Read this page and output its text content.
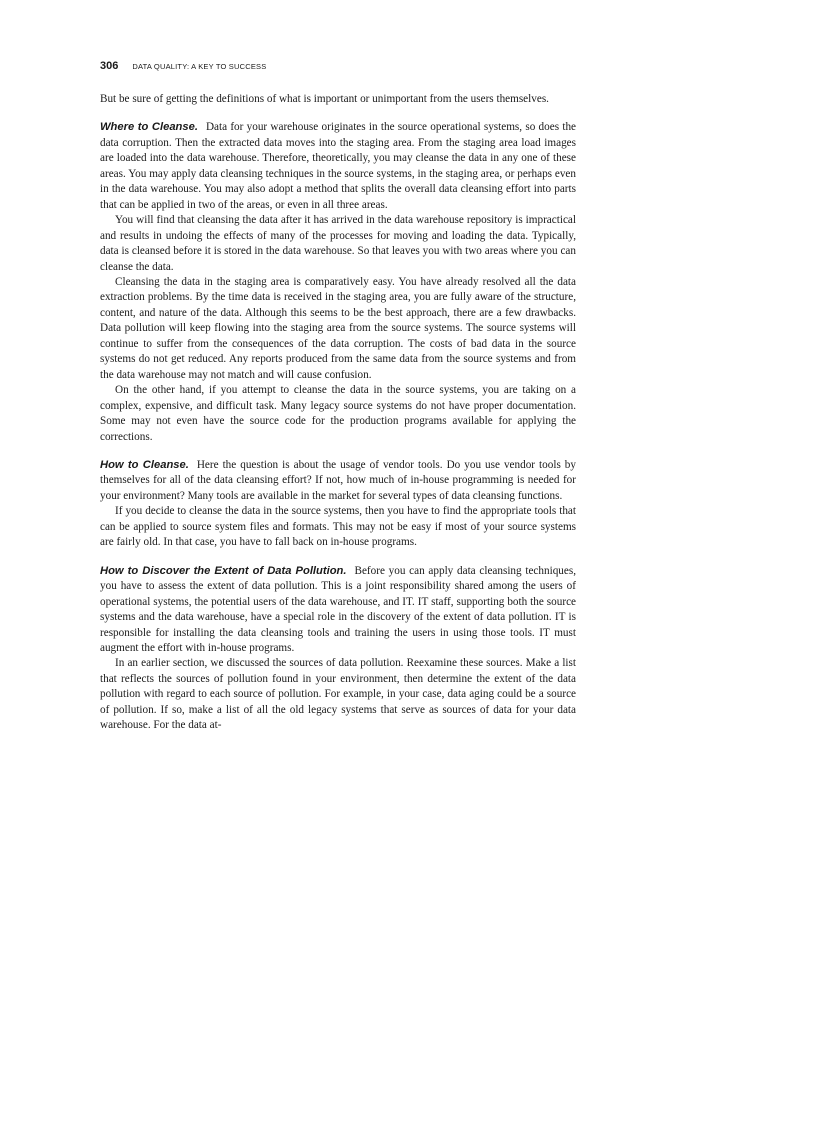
306 DATA QUALITY: A KEY TO SUCCESS

But be sure of getting the definitions of what is important or unimportant from the users themselves.

Where to Cleanse. Data for your warehouse originates in the source operational systems, so does the data corruption. Then the extracted data moves into the staging area. From the staging area load images are loaded into the data warehouse. Therefore, theoretically, you may cleanse the data in any one of these areas. You may apply data cleansing techniques in the source systems, in the staging area, or perhaps even in the data warehouse. You may also adopt a method that splits the overall data cleansing effort into parts that can be applied in two of the areas, or even in all three areas.

You will find that cleansing the data after it has arrived in the data warehouse repository is impractical and results in undoing the effects of many of the processes for moving and loading the data. Typically, data is cleansed before it is stored in the data warehouse. So that leaves you with two areas where you can cleanse the data.

Cleansing the data in the staging area is comparatively easy. You have already resolved all the data extraction problems. By the time data is received in the staging area, you are fully aware of the structure, content, and nature of the data. Although this seems to be the best approach, there are a few drawbacks. Data pollution will keep flowing into the staging area from the source systems. The source systems will continue to suffer from the consequences of the data corruption. The costs of bad data in the source systems do not get reduced. Any reports produced from the same data from the source systems and from the data warehouse may not match and will cause confusion.

On the other hand, if you attempt to cleanse the data in the source systems, you are taking on a complex, expensive, and difficult task. Many legacy source systems do not have proper documentation. Some may not even have the source code for the production programs available for applying the corrections.

How to Cleanse. Here the question is about the usage of vendor tools. Do you use vendor tools by themselves for all of the data cleansing effort? If not, how much of in-house programming is needed for your environment? Many tools are available in the market for several types of data cleansing functions.

If you decide to cleanse the data in the source systems, then you have to find the appropriate tools that can be applied to source system files and formats. This may not be easy if most of your source systems are fairly old. In that case, you have to fall back on in-house programs.

How to Discover the Extent of Data Pollution. Before you can apply data cleansing techniques, you have to assess the extent of data pollution. This is a joint responsibility shared among the users of operational systems, the potential users of the data warehouse, and IT. IT staff, supporting both the source systems and the data warehouse, have a special role in the discovery of the extent of data pollution. IT is responsible for installing the data cleansing tools and training the users in using those tools. IT must augment the effort with in-house programs.

In an earlier section, we discussed the sources of data pollution. Reexamine these sources. Make a list that reflects the sources of pollution found in your environment, then determine the extent of the data pollution with regard to each source of pollution. For example, in your case, data aging could be a source of pollution. If so, make a list of all the old legacy systems that serve as sources of data for your data warehouse. For the data at-
